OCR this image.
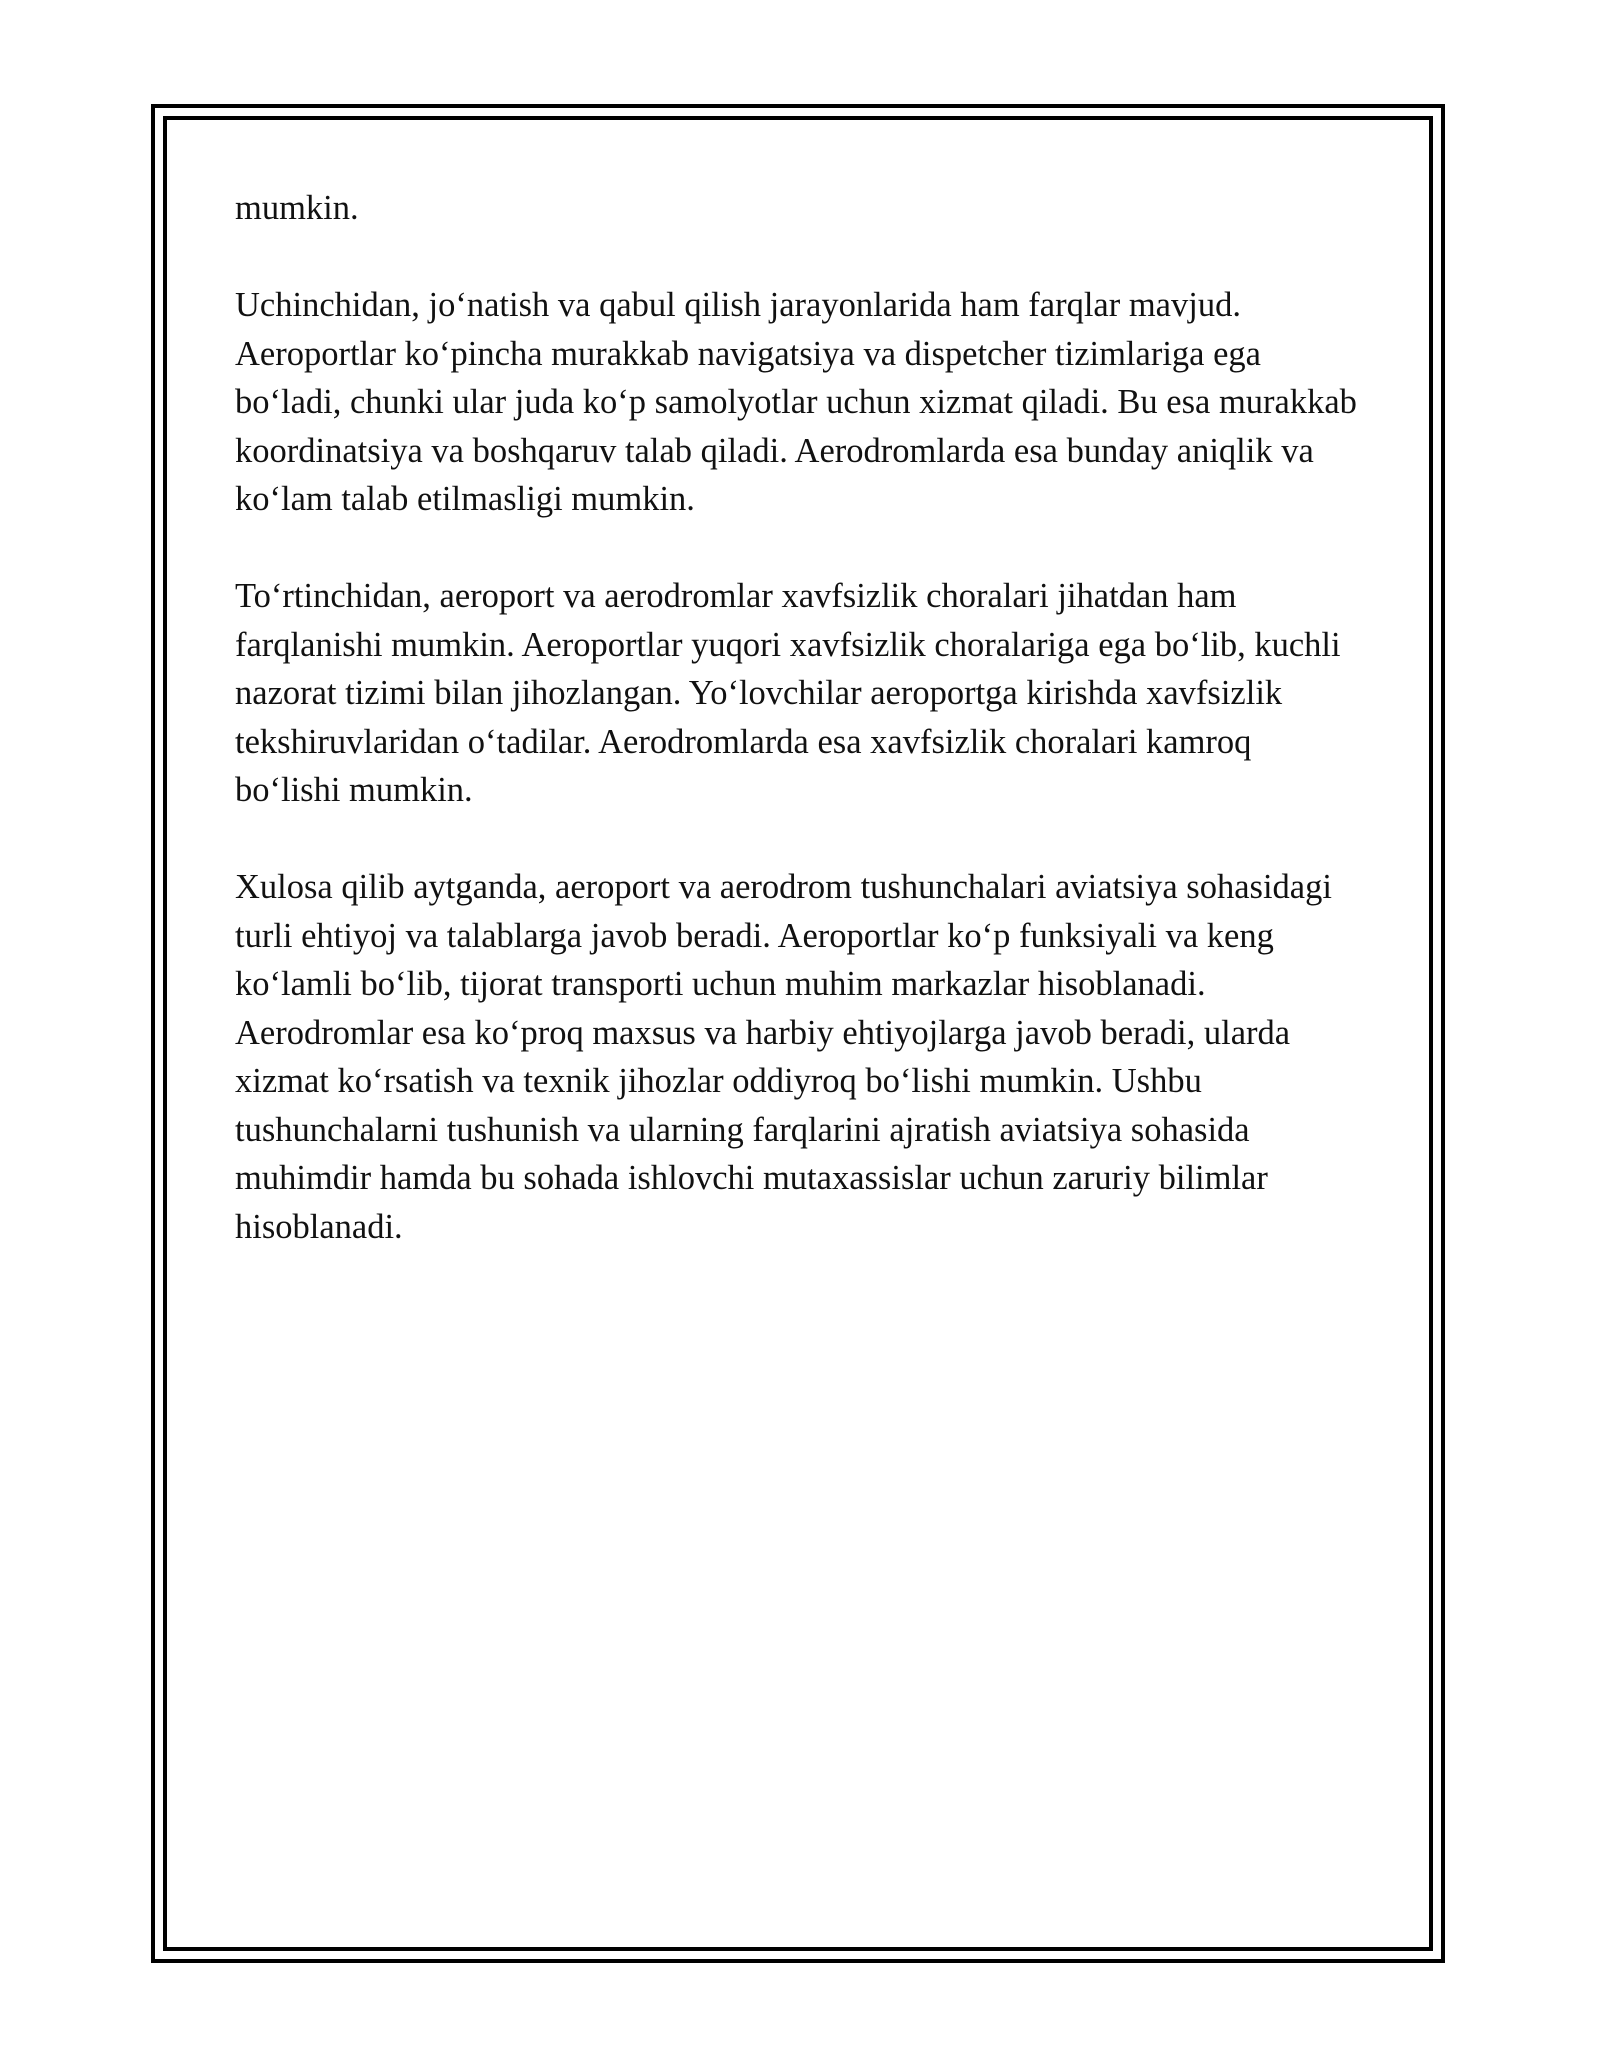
mumkin.

Uchinchidan, jo‘natish va qabul qilish jarayonlarida ham farqlar mavjud. Aeroportlar ko‘pincha murakkab navigatsiya va dispetcher tizimlariga ega bo‘ladi, chunki ular juda ko‘p samolyotlar uchun xizmat qiladi. Bu esa murakkab koordinatsiya va boshqaruv talab qiladi. Aerodromlarda esa bunday aniqlik va ko‘lam talab etilmasligi mumkin.

To‘rtinchidan, aeroport va aerodromlar xavfsizlik choralari jihatdan ham farqlanishi mumkin. Aeroportlar yuqori xavfsizlik choralariga ega bo‘lib, kuchli nazorat tizimi bilan jihozlangan. Yo‘lovchilar aeroportga kirishda xavfsizlik tekshiruvlaridan o‘tadilar. Aerodromlarda esa xavfsizlik choralari kamroq bo‘lishi mumkin.

Xulosa qilib aytganda, aeroport va aerodrom tushunchalari aviatsiya sohasidagi turli ehtiyoj va talablarga javob beradi. Aeroportlar ko‘p funksiyali va keng ko‘lamli bo‘lib, tijorat transporti uchun muhim markazlar hisoblanadi. Aerodromlar esa ko‘proq maxsus va harbiy ehtiyojlarga javob beradi, ularda xizmat ko‘rsatish va texnik jihozlar oddiyroq bo‘lishi mumkin. Ushbu tushunchalarni tushunish va ularning farqlarini ajratish aviatsiya sohasida muhimdir hamda bu sohada ishlovchi mutaxassislar uchun zaruriy bilimlar hisoblanadi.
